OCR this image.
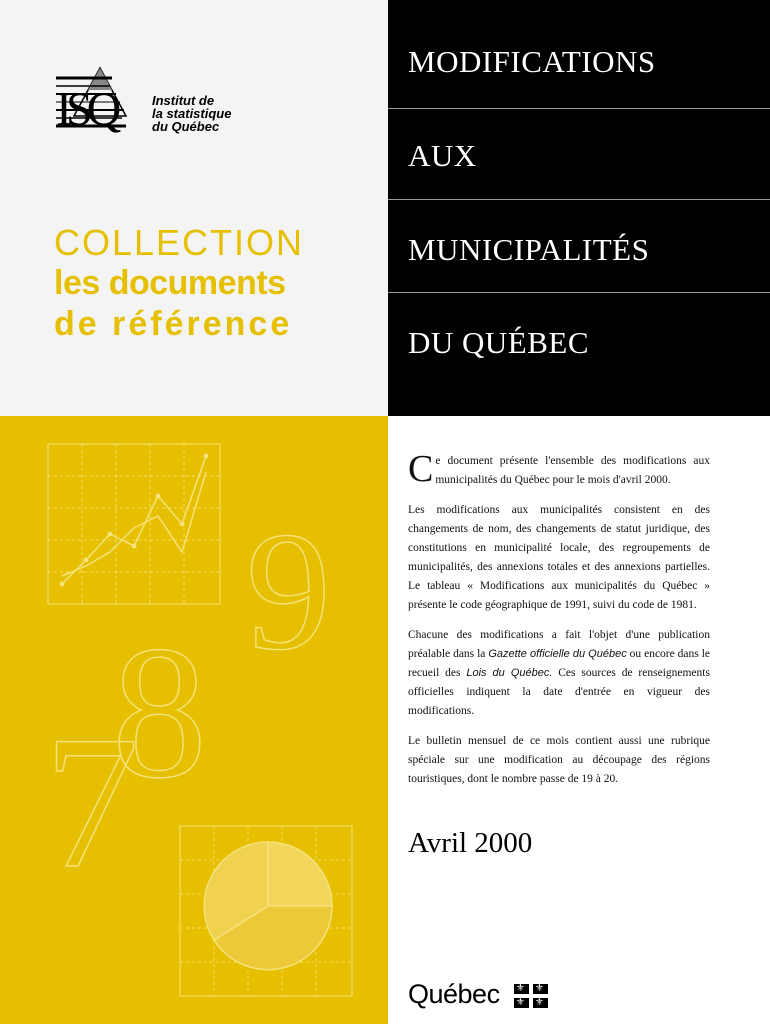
ISQ	Institut de
la statistique
du Québec
COLLECTION
les documents
de référence
MODIFICATIONS
AUX
MUNICIPALITÉS
DU QUÉBEC
7
8
9

Ce document présente l'ensemble des modifications aux municipalités du Québec pour le mois d'avril 2000.

Les modifications aux municipalités consistent en des changements de nom, des changements de statut juridique, des constitutions en municipalité locale, des regroupements de municipalités, des annexions totales et des annexions partielles. Le tableau « Modifications aux municipalités du Québec » présente le code géographique de 1991, suivi du code de 1981.

Chacune des modifications a fait l'objet d'une publication préalable dans la Gazette officielle du Québec ou encore dans le recueil des Lois du Québec. Ces sources de renseignements officielles indiquent la date d'entrée en vigueur des modifications.

Le bulletin mensuel de ce mois contient aussi une rubrique spéciale sur une modification au découpage des régions touristiques, dont le nombre passe de 19 à 20.

Avril 2000
Québec ⚜ ⚜
⚜ ⚜
